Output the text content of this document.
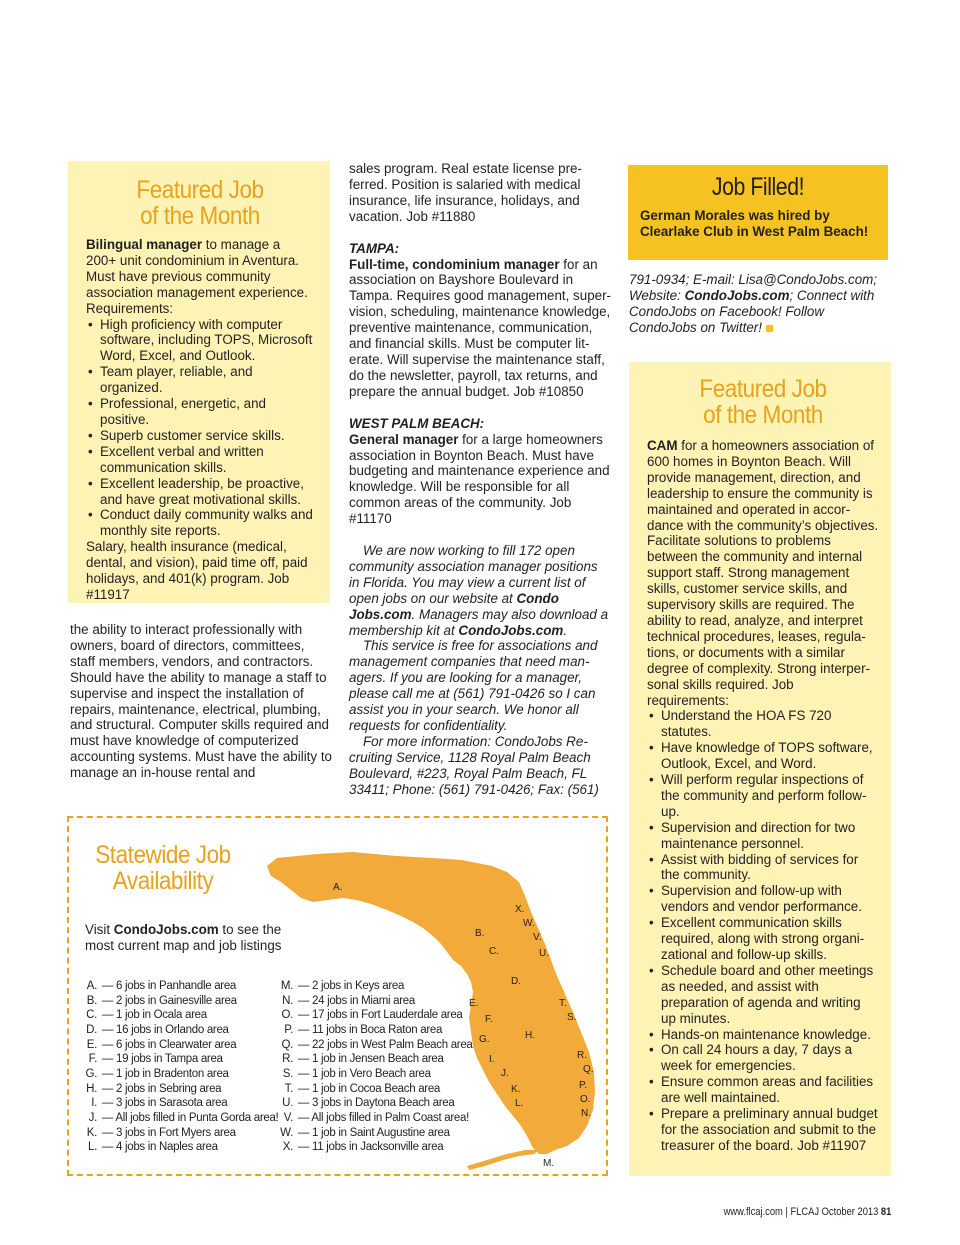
Featured Job
of the Month

Bilingual manager to manage a 200+ unit condominium in Aventura. Must have previous community association management experience. Requirements:

• High proficiency with computer software, including TOPS, Microsoft Word, Excel, and Outlook.
• Team player, reliable, and organized.
• Professional, energetic, and positive.
• Superb customer service skills.
• Excellent verbal and written communication skills.
• Excellent leadership, be proactive, and have great motivational skills.
• Conduct daily community walks and monthly site reports.

Salary, health insurance (medical, dental, and vision), paid time off, paid holidays, and 401(k) program. Job #11917

the ability to interact professionally with owners, board of directors, committees, staff members, vendors, and contractors. Should have the ability to manage a staff to supervise and inspect the installation of repairs, maintenance, electrical, plumbing, and structural. Computer skills required and must have knowledge of computerized accounting systems. Must have the ability to manage an in-house rental and

sales program. Real estate license preferred. Position is salaried with medical insurance, life insurance, holidays, and vacation. Job #11880

TAMPA:

Full-time, condominium manager for an association on Bayshore Boulevard in Tampa. Requires good management, supervision, scheduling, maintenance knowledge, preventive maintenance, communication, and financial skills. Must be computer literate. Will supervise the maintenance staff, do the newsletter, payroll, tax returns, and prepare the annual budget. Job #10850

WEST PALM BEACH:

General manager for a large homeowners association in Boynton Beach. Must have budgeting and maintenance experience and knowledge. Will be responsible for all common areas of the community. Job #11170

We are now working to fill 172 open community association manager positions in Florida. You may view a current list of open jobs on our website at Condo Jobs.com. Managers may also download a membership kit at CondoJobs.com.

This service is free for associations and management companies that need managers. If you are looking for a manager, please call me at (561) 791-0426 so I can assist you in your search. We honor all requests for confidentiality.

For more information: CondoJobs Recruiting Service, 1128 Royal Palm Beach Boulevard, #223, Royal Palm Beach, FL 33411; Phone: (561) 791-0426; Fax: (561)

Job Filled!
German Morales was hired by Clearlake Club in West Palm Beach!

791-0934; E-mail: Lisa@CondoJobs.com; Website: CondoJobs.com; Connect with CondoJobs on Facebook! Follow CondoJobs on Twitter!

Featured Job
of the Month

CAM for a homeowners association of 600 homes in Boynton Beach. Will provide management, direction, and leadership to ensure the community is maintained and operated in accordance with the community’s objectives. Facilitate solutions to problems between the community and internal support staff. Strong management skills, customer service skills, and supervisory skills are required. The ability to read, analyze, and interpret technical procedures, leases, regulations, or documents with a similar degree of complexity. Strong interpersonal skills required. Job requirements:

• Understand the HOA FS 720 statutes.
• Have knowledge of TOPS software, Outlook, Excel, and Word.
• Will perform regular inspections of the community and perform follow-up.
• Supervision and direction for two maintenance personnel.
• Assist with bidding of services for the community.
• Supervision and follow-up with vendors and vendor performance.
• Excellent communication skills required, along with strong organizational and follow-up skills.
• Schedule board and other meetings as needed, and assist with preparation of agenda and writing up minutes.
• Hands-on maintenance knowledge.
• On call 24 hours a day, 7 days a week for emergencies.
• Ensure common areas and facilities are well maintained.
• Prepare a preliminary annual budget for the association and submit to the treasurer of the board. Job #11907
Statewide Job
Availability

Visit CondoJobs.com to see the most current map and job listings

A.
B.
C.
D.
E.
F.
G.	H.
I.
J.
K.
L.
M.
N.
O.
P.
Q.
R.
S.
T.
U.
V.
W.
X.
A. — 6 jobs in Panhandle area
B. — 2 jobs in Gainesville area
C. — 1 job in Ocala area
D. — 16 jobs in Orlando area
E. — 6 jobs in Clearwater area
F. — 19 jobs in Tampa area
G. — 1 job in Bradenton area
H. — 2 jobs in Sebring area
I. — 3 jobs in Sarasota area
J. — All jobs filled in Punta Gorda area!
K. — 3 jobs in Fort Myers area
L. — 4 jobs in Naples area
M. — 2 jobs in Keys area
N. — 24 jobs in Miami area
O. — 17 jobs in Fort Lauderdale area
P. — 11 jobs in Boca Raton area
Q. — 22 jobs in West Palm Beach area
R. — 1 job in Jensen Beach area
S. — 1 job in Vero Beach area
T. — 1 job in Cocoa Beach area
U. — 3 jobs in Daytona Beach area
V. — All jobs filled in Palm Coast area!
W. — 1 job in Saint Augustine area
X. — 11 jobs in Jacksonville area
www.flcaj.com | FLCAJ October 2013 81
